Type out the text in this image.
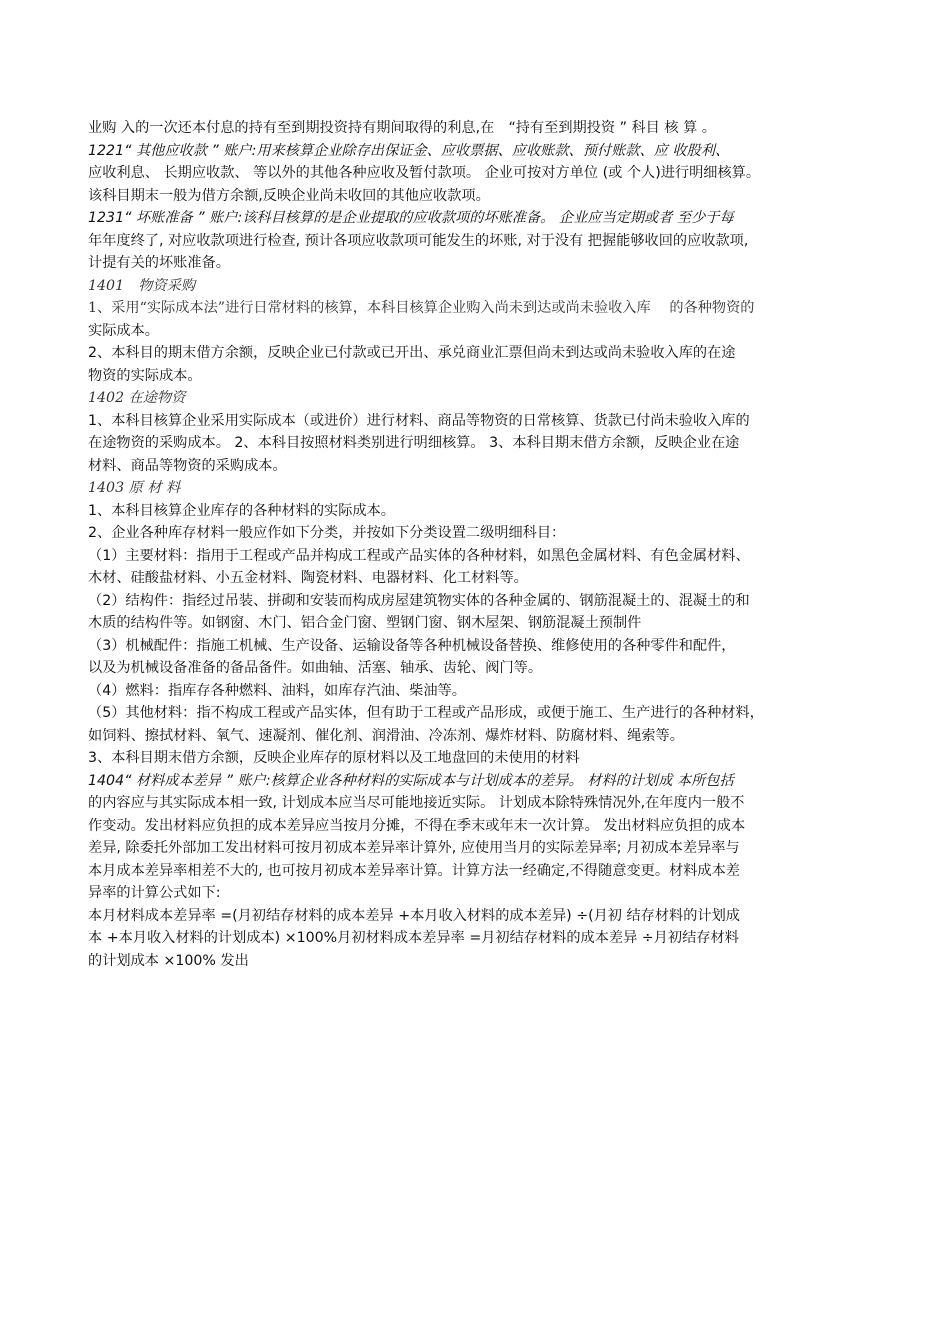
业购 入的一次还本付息的持有至到期投资持有期间取得的利息,在　“持有至到期投资 ” 科目 核 算 。
1221“ 其他应收款 ” 账户:用来核算企业除存出保证金、应收票据、应收账款、预付账款、应 收股利、
应收利息、 长期应收款、 等以外的其他各种应收及暂付款项。 企业可按对方单位 (或 个人)进行明细核算。
该科目期末一般为借方余额,反映企业尚未收回的其他应收款项。
1231“ 坏账准备 ” 账户:该科目核算的是企业提取的应收款项的坏账准备。 企业应当定期或者 至少于每
年年度终了, 对应收款项进行检查, 预计各项应收款项可能发生的坏账, 对于没有 把握能够收回的应收款项,
计提有关的坏账准备。
1401　物资采购
1、采用“实际成本法”进行日常材料的核算，本科目核算企业购入尚未到达或尚未验收入库　 的各种物资的
实际成本。
2、本科目的期末借方余额，反映企业已付款或已开出、承兑商业汇票但尚未到达或尚未验收入库的在途
物资的实际成本。
1402 在途物资
1、本科目核算企业采用实际成本（或进价）进行材料、商品等物资的日常核算、货款已付尚未验收入库的
在途物资的采购成本。 2、本科目按照材料类别进行明细核算。 3、本科目期末借方余额，反映企业在途
材料、商品等物资的采购成本。
1403 原 材 料
1、本科目核算企业库存的各种材料的实际成本。
2、企业各种库存材料一般应作如下分类，并按如下分类设置二级明细科目：
（1）主要材料：指用于工程或产品并构成工程或产品实体的各种材料，如黑色金属材料、有色金属材料、
木材、硅酸盐材料、小五金材料、陶瓷材料、电器材料、化工材料等。
（2）结构件：指经过吊装、拼砌和安装而构成房屋建筑物实体的各种金属的、钢筋混凝土的、混凝土的和
木质的结构件等。如钢窗、木门、铝合金门窗、塑钢门窗、钢木屋架、钢筋混凝土预制件
（3）机械配件：指施工机械、生产设备、运输设备等各种机械设备替换、维修使用的各种零件和配件，
以及为机械设备准备的备品备件。如曲轴、活塞、轴承、齿轮、阀门等。
（4）燃料：指库存各种燃料、油料，如库存汽油、柴油等。
（5）其他材料：指不构成工程或产品实体，但有助于工程或产品形成，或便于施工、生产进行的各种材料，
如饲料、擦拭材料、氧气、速凝剂、催化剂、润滑油、冷冻剂、爆炸材料、防腐材料、绳索等。
3、本科目期末借方余额，反映企业库存的原材料以及工地盘回的未使用的材料
1404“ 材料成本差异 ” 账户:核算企业各种材料的实际成本与计划成本的差异。 材料的计划成 本所包括
的内容应与其实际成本相一致, 计划成本应当尽可能地接近实际。 计划成本除特殊情况外,在年度内一般不
作变动。发出材料应负担的成本差异应当按月分摊，不得在季末或年末一次计算。 发出材料应负担的成本
差异, 除委托外部加工发出材料可按月初成本差异率计算外, 应使用当月的实际差异率; 月初成本差异率与
本月成本差异率相差不大的, 也可按月初成本差异率计算。计算方法一经确定,不得随意变更。材料成本差
异率的计算公式如下:
本月材料成本差异率 =(月初结存材料的成本差异 +本月收入材料的成本差异) ÷(月初 结存材料的计划成
本 +本月收入材料的计划成本) ×100%月初材料成本差异率 =月初结存材料的成本差异 ÷月初结存材料
的计划成本 ×100% 发出
